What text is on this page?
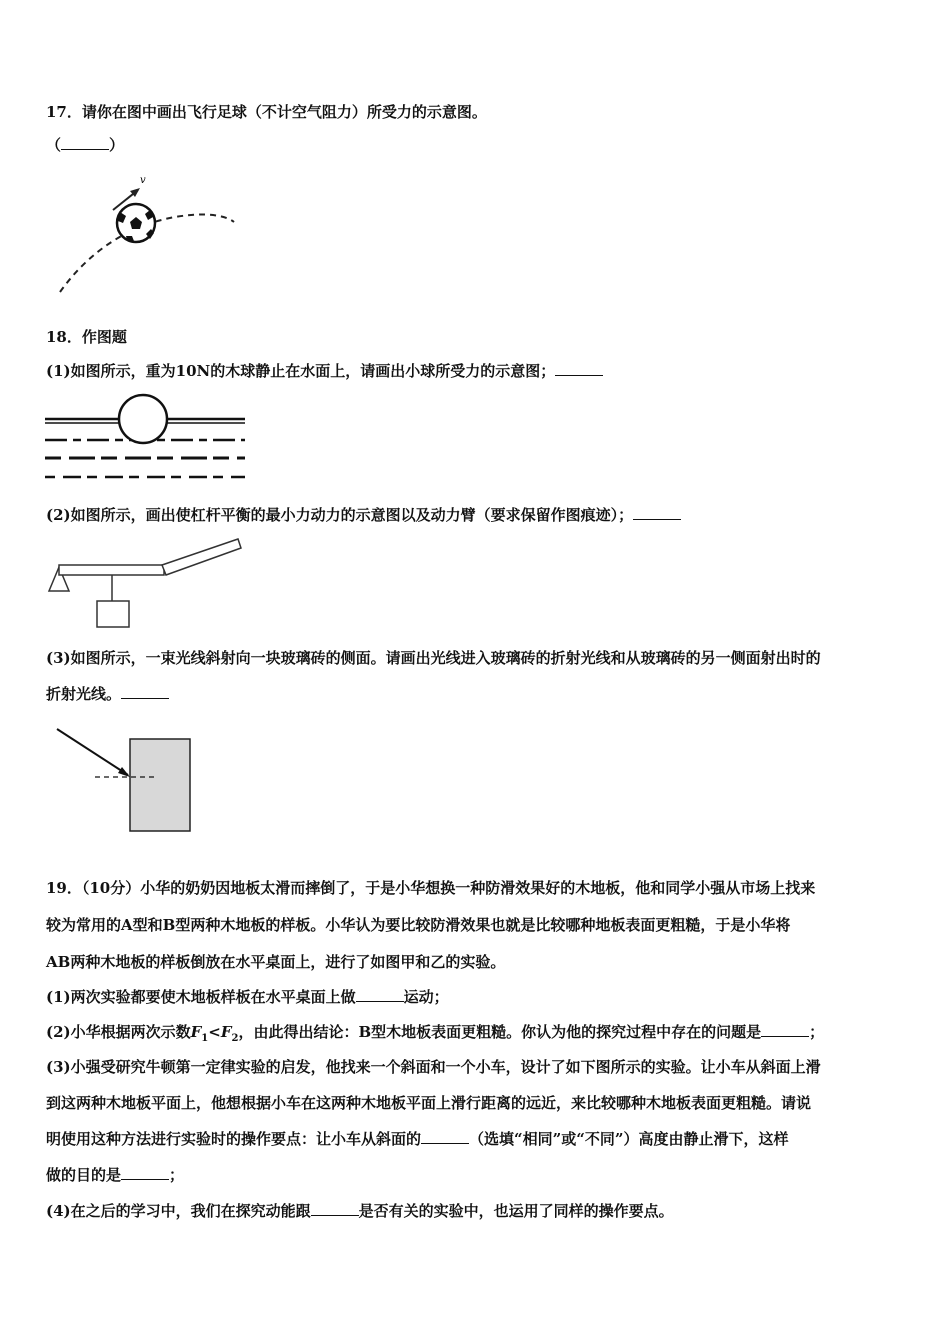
17．请你在图中画出飞行足球（不计空气阻力）所受力的示意图。
（	）
v
18．作图题
(1)如图所示，重为10N的木球静止在水面上，请画出小球所受力的示意图；
(2)如图所示，画出使杠杆平衡的最小力动力的示意图以及动力臂（要求保留作图痕迹）；
(3)如图所示，一束光线斜射向一块玻璃砖的侧面。请画出光线进入玻璃砖的折射光线和从玻璃砖的另一侧面射出时的
折射光线。
19．（10分）小华的奶奶因地板太滑而摔倒了，于是小华想换一种防滑效果好的木地板，他和同学小强从市场上找来
较为常用的A型和B型两种木地板的样板。小华认为要比较防滑效果也就是比较哪种地板表面更粗糙，于是小华将
AB两种木地板的样板倒放在水平桌面上，进行了如图甲和乙的实验。
(1)两次实验都要使木地板样板在水平桌面上做	运动；
(2)小华根据两次示数$F_1<F_2$，由此得出结论：B型木地板表面更粗糙。你认为他的探究过程中存在的问题是	；
(3)小强受研究牛顿第一定律实验的启发，他找来一个斜面和一个小车，设计了如下图所示的实验。让小车从斜面上滑
到这两种木地板平面上，他想根据小车在这两种木地板平面上滑行距离的远近，来比较哪种木地板表面更粗糙。请说
明使用这种方法进行实验时的操作要点：让小车从斜面的	（选填“相同”或“不同”）高度由静止滑下，这样
做的目的是	；
(4)在之后的学习中，我们在探究动能跟	是否有关的实验中，也运用了同样的操作要点。
